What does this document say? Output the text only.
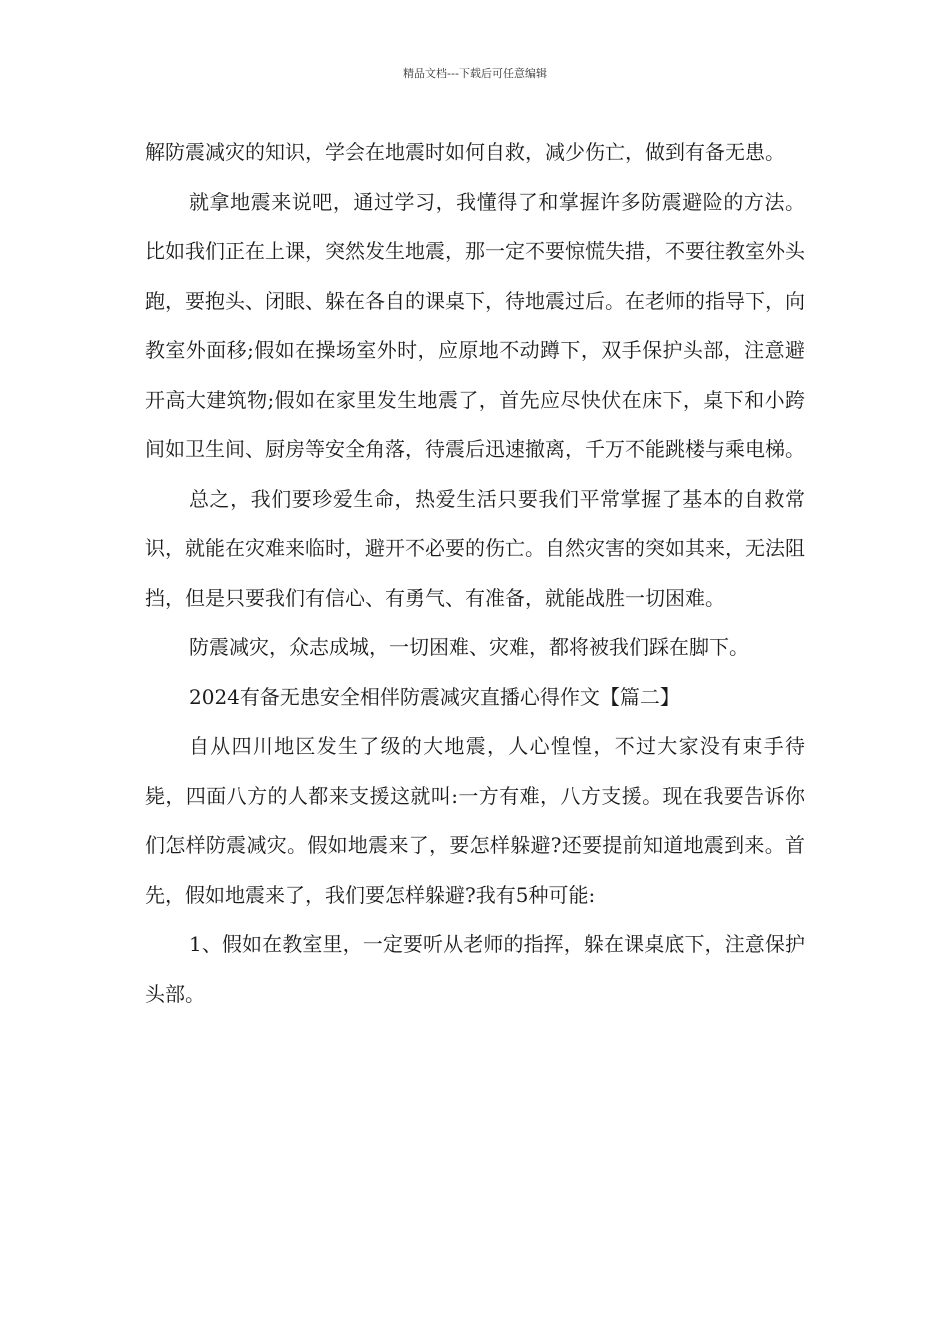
精品文档---下载后可任意编辑

解防震减灾的知识，学会在地震时如何自救，减少伤亡，做到有备无患。

就拿地震来说吧，通过学习，我懂得了和掌握许多防震避险的方法。比如我们正在上课，突然发生地震，那一定不要惊慌失措，不要往教室外头跑，要抱头、闭眼、躲在各自的课桌下，待地震过后。在老师的指导下，向教室外面移;假如在操场室外时，应原地不动蹲下，双手保护头部，注意避开高大建筑物;假如在家里发生地震了，首先应尽快伏在床下，桌下和小跨间如卫生间、厨房等安全角落，待震后迅速撤离，千万不能跳楼与乘电梯。

总之，我们要珍爱生命，热爱生活只要我们平常掌握了基本的自救常识，就能在灾难来临时，避开不必要的伤亡。自然灾害的突如其来，无法阻挡，但是只要我们有信心、有勇气、有准备，就能战胜一切困难。

防震减灾，众志成城，一切困难、灾难，都将被我们踩在脚下。

2024有备无患安全相伴防震减灾直播心得作文【篇二】

自从四川地区发生了级的大地震，人心惶惶，不过大家没有束手待毙，四面八方的人都来支援这就叫:一方有难，八方支援。现在我要告诉你们怎样防震减灾。假如地震来了，要怎样躲避?还要提前知道地震到来。首先，假如地震来了，我们要怎样躲避?我有5种可能:

1、假如在教室里，一定要听从老师的指挥，躲在课桌底下，注意保护头部。
